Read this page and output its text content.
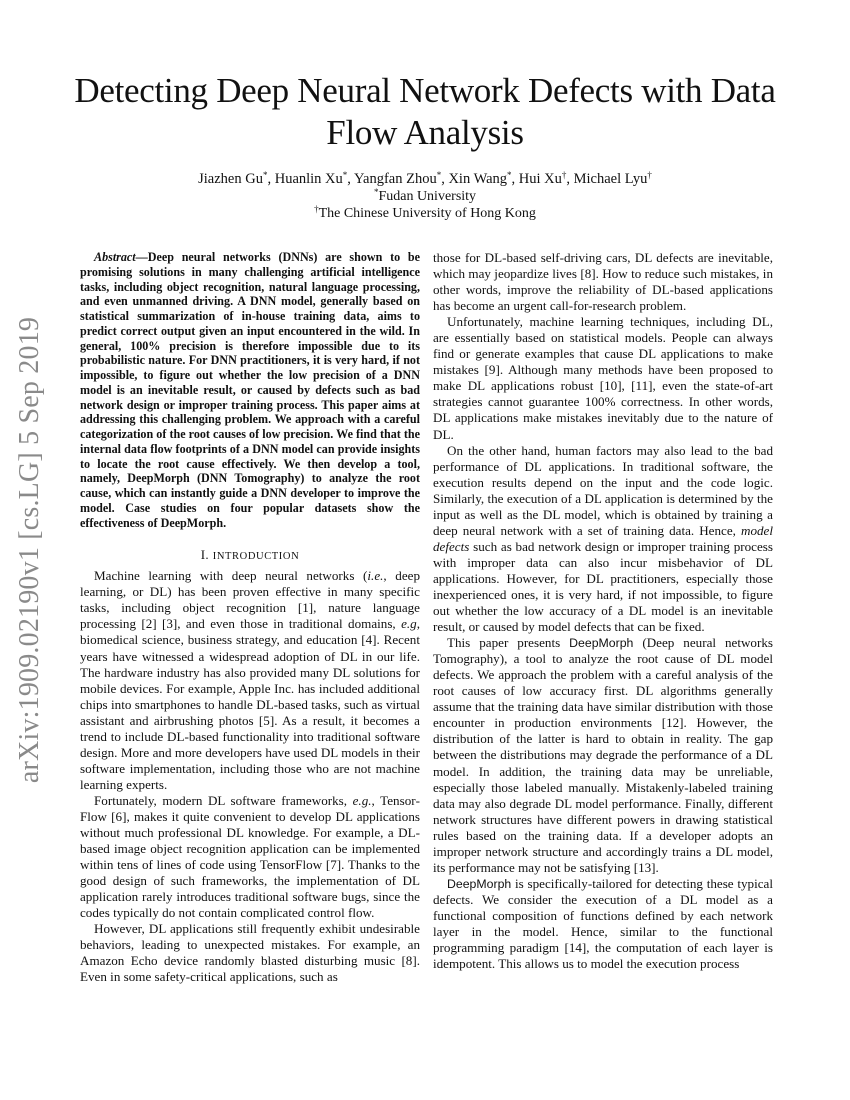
Detecting Deep Neural Network Defects with Data Flow Analysis
Jiazhen Gu*, Huanlin Xu*, Yangfan Zhou*, Xin Wang*, Hui Xu†, Michael Lyu†
*Fudan University
†The Chinese University of Hong Kong
arXiv:1909.02190v1 [cs.LG] 5 Sep 2019

Abstract—Deep neural networks (DNNs) are shown to be promising solutions in many challenging artificial intelligence tasks, including object recognition, natural language processing, and even unmanned driving. A DNN model, generally based on statistical summarization of in-house training data, aims to predict correct output given an input encountered in the wild. In general, 100% precision is therefore impossible due to its probabilistic nature. For DNN practitioners, it is very hard, if not impossible, to figure out whether the low precision of a DNN model is an inevitable result, or caused by defects such as bad network design or improper training process. This paper aims at addressing this challenging problem. We approach with a careful categorization of the root causes of low precision. We find that the internal data flow footprints of a DNN model can provide insights to locate the root cause effectively. We then develop a tool, namely, DeepMorph (DNN Tomography) to analyze the root cause, which can instantly guide a DNN developer to improve the model. Case studies on four popular datasets show the effectiveness of DeepMorph.

I. INTRODUCTION

Machine learning with deep neural networks (i.e., deep learning, or DL) has been proven effective in many specific tasks, including object recognition [1], nature language processing [2] [3], and even those in traditional domains, e.g, biomedical science, business strategy, and education [4]. Recent years have witnessed a widespread adoption of DL in our life. The hardware industry has also provided many DL solutions for mobile devices. For example, Apple Inc. has included additional chips into smartphones to handle DL-based tasks, such as virtual assistant and airbrushing photos [5]. As a result, it becomes a trend to include DL-based functionality into traditional software design. More and more developers have used DL models in their software implementation, including those who are not machine learning experts.

Fortunately, modern DL software frameworks, e.g., TensorFlow [6], makes it quite convenient to develop DL applications without much professional DL knowledge. For example, a DL-based image object recognition application can be implemented within tens of lines of code using TensorFlow [7]. Thanks to the good design of such frameworks, the implementation of DL application rarely introduces traditional software bugs, since the codes typically do not contain complicated control flow.

However, DL applications still frequently exhibit undesirable behaviors, leading to unexpected mistakes. For example, an Amazon Echo device randomly blasted disturbing music [8]. Even in some safety-critical applications, such as

those for DL-based self-driving cars, DL defects are inevitable, which may jeopardize lives [8]. How to reduce such mistakes, in other words, improve the reliability of DL-based applications has become an urgent call-for-research problem.

Unfortunately, machine learning techniques, including DL, are essentially based on statistical models. People can always find or generate examples that cause DL applications to make mistakes [9]. Although many methods have been proposed to make DL applications robust [10], [11], even the state-of-art strategies cannot guarantee 100% correctness. In other words, DL applications make mistakes inevitably due to the nature of DL.

On the other hand, human factors may also lead to the bad performance of DL applications. In traditional software, the execution results depend on the input and the code logic. Similarly, the execution of a DL application is determined by the input as well as the DL model, which is obtained by training a deep neural network with a set of training data. Hence, model defects such as bad network design or improper training process with improper data can also incur misbehavior of DL applications. However, for DL practitioners, especially those inexperienced ones, it is very hard, if not impossible, to figure out whether the low accuracy of a DL model is an inevitable result, or caused by model defects that can be fixed.

This paper presents DeepMorph (Deep neural networks Tomography), a tool to analyze the root cause of DL model defects. We approach the problem with a careful analysis of the root causes of low accuracy first. DL algorithms generally assume that the training data have similar distribution with those encounter in production environments [12]. However, the distribution of the latter is hard to obtain in reality. The gap between the distributions may degrade the performance of a DL model. In addition, the training data may be unreliable, especially those labeled manually. Mistakenly-labeled training data may also degrade DL model performance. Finally, different network structures have different powers in drawing statistical rules based on the training data. If a developer adopts an improper network structure and accordingly trains a DL model, its performance may not be satisfying [13].

DeepMorph is specifically-tailored for detecting these typical defects. We consider the execution of a DL model as a functional composition of functions defined by each network layer in the model. Hence, similar to the functional programming paradigm [14], the computation of each layer is idempotent. This allows us to model the execution process
